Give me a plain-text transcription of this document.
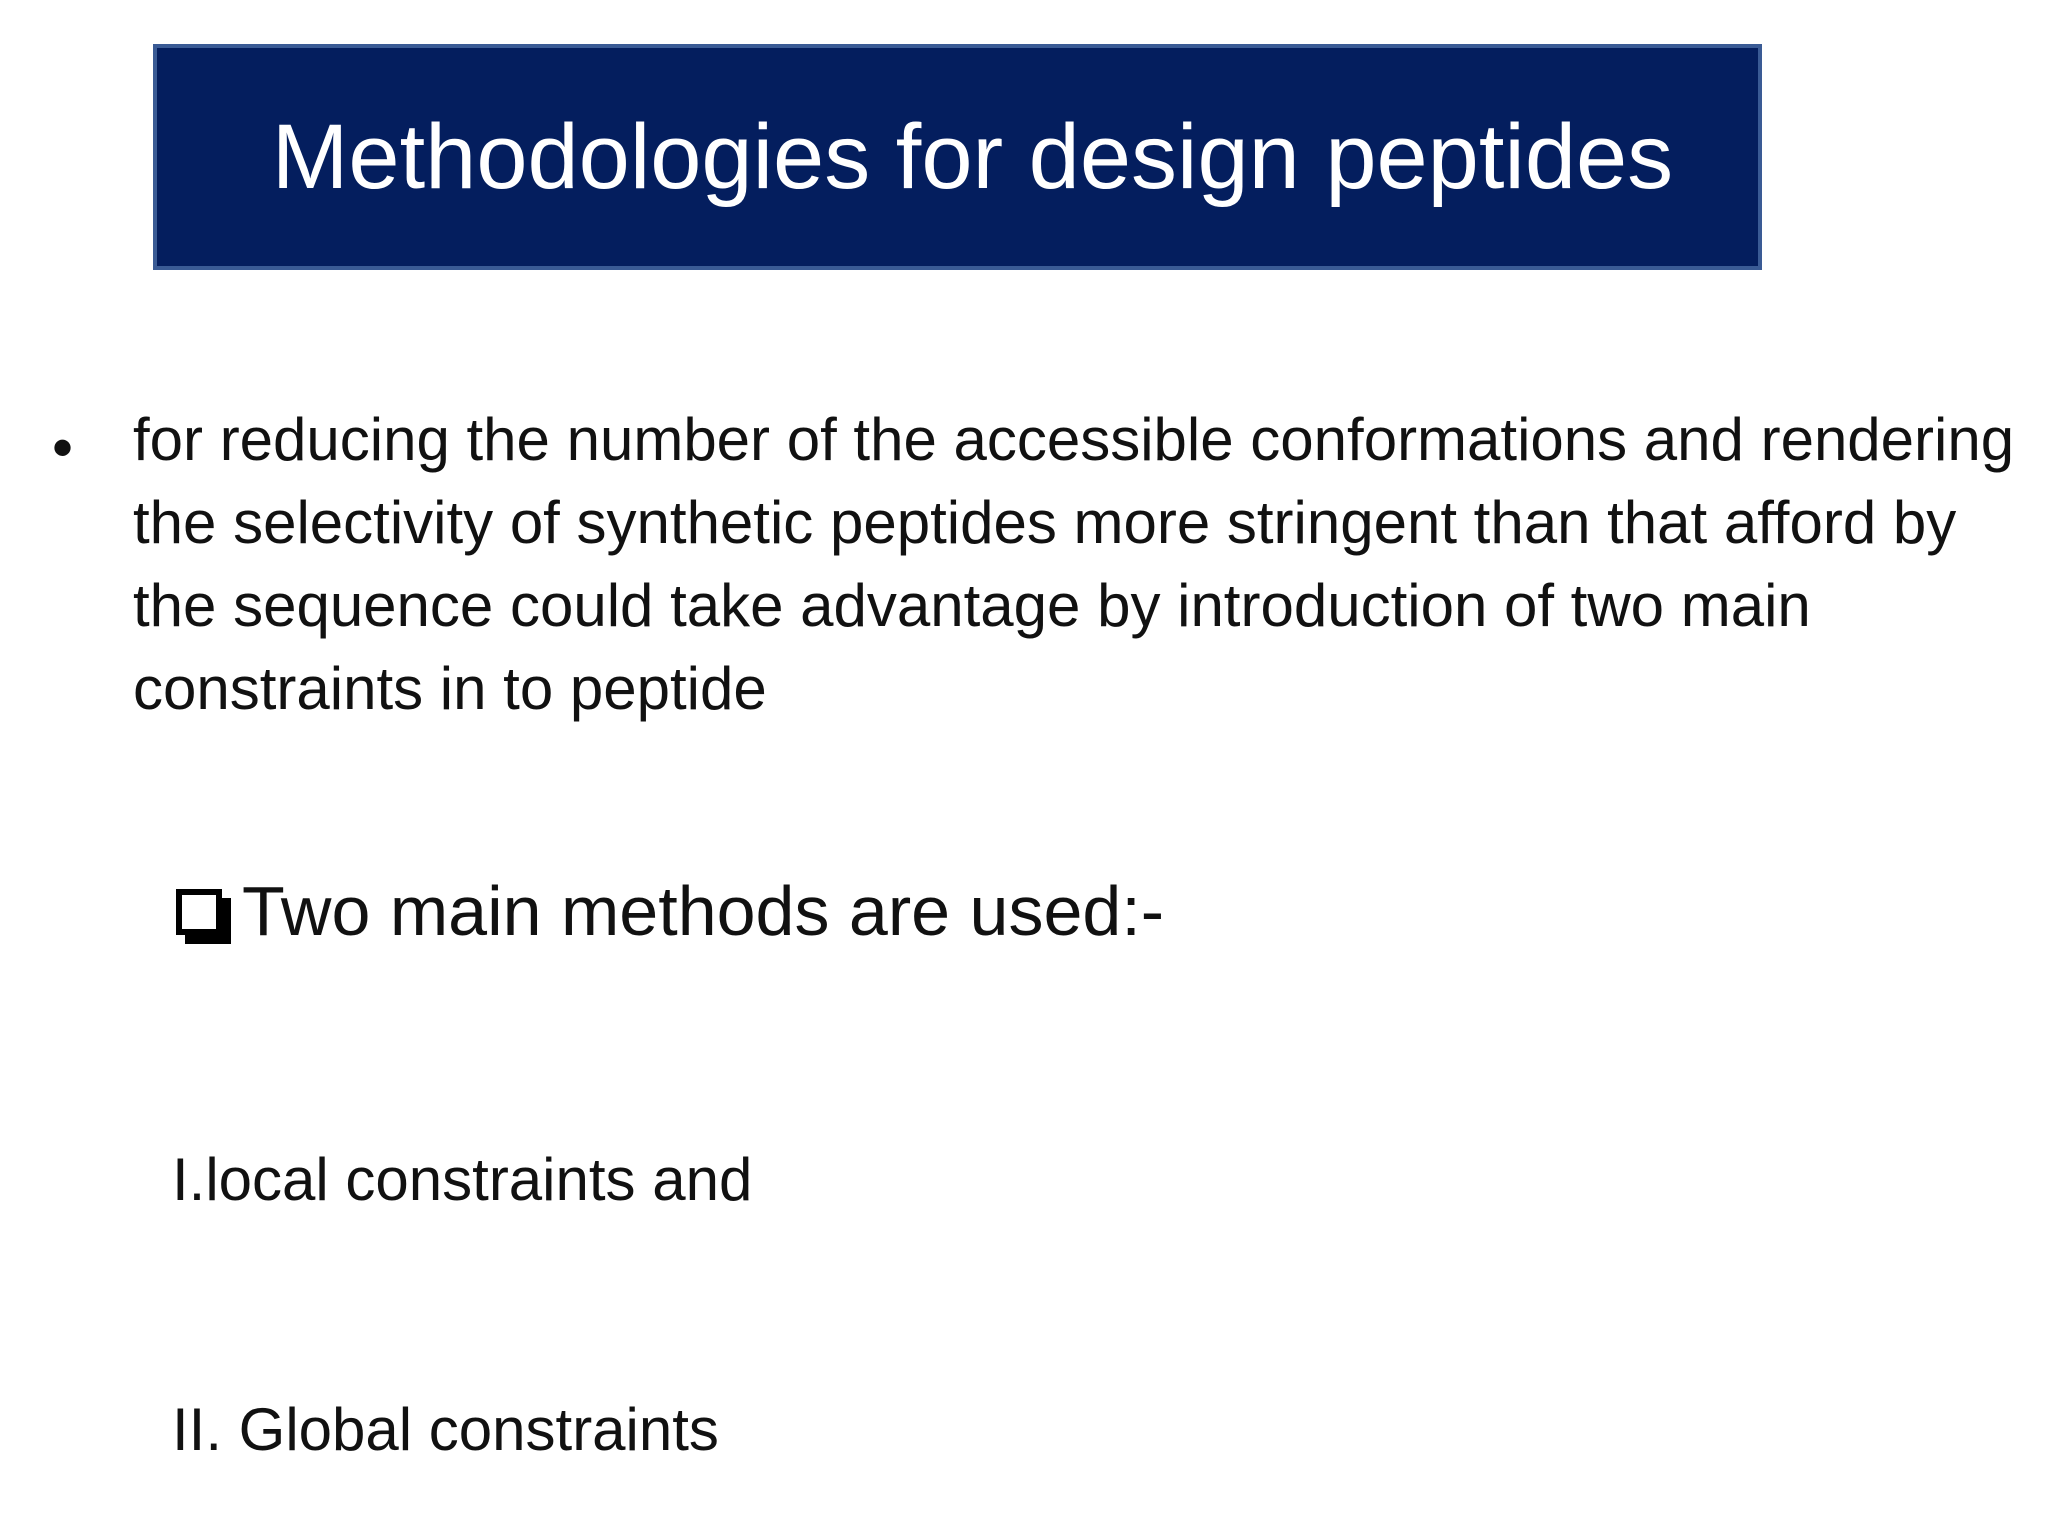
Methodologies for design peptides
• for reducing the number of the accessible conformations and rendering the selectivity of synthetic peptides more stringent than that afford by the sequence could take advantage by introduction of two main constraints in to peptide
Two main methods are used:-
I.local constraints and
II. Global constraints
